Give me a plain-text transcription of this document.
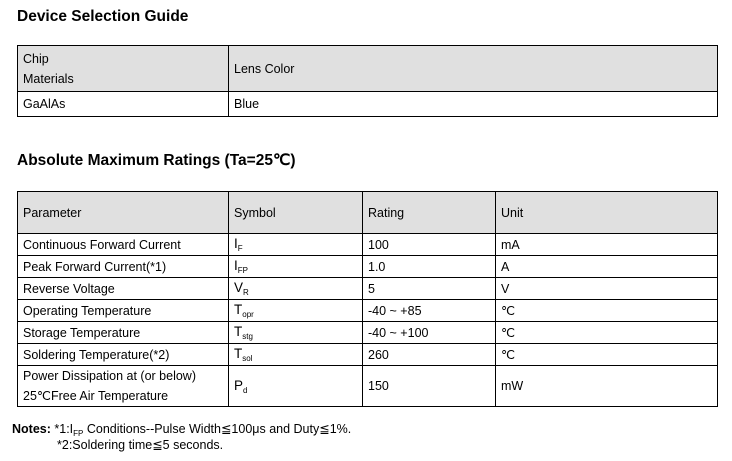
Device Selection Guide
Chip
Materials	Lens Color
GaAlAs	Blue
Absolute Maximum Ratings (Ta=25℃)
Parameter	Symbol	Rating	Unit
Continuous Forward Current	$I_F$	100	mA
Peak Forward Current(*1)	$I_{FP}$	1.0	A
Reverse Voltage	$V_R$	5	V
Operating Temperature	$T_{opr}$	-40 ~ +85	℃
Storage Temperature	$T_{stg}$	-40 ~ +100	℃
Soldering Temperature(*2)	$T_{sol}$	260	℃
Power Dissipation at (or below)
25℃Free Air Temperature	$P_d$	150	mW
Notes: $*1:I_{FP}$ Conditions--Pulse Width≦100μs and Duty≦1%.
*2:Soldering time≦5 seconds.
